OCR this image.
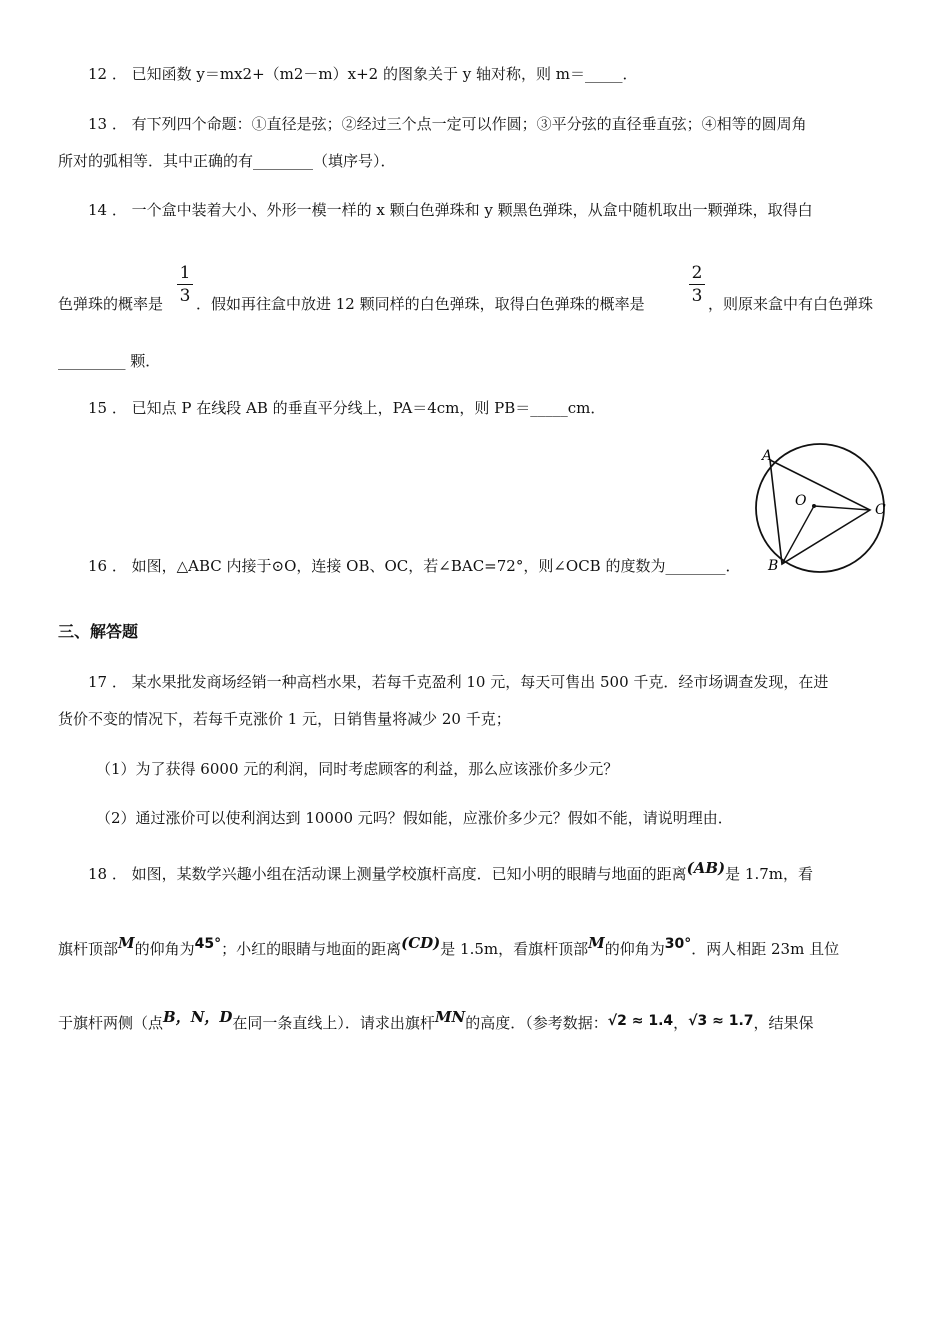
12 ． 已知函数 y＝mx2+（m2－m）x+2 的图象关于 y 轴对称，则 m＝_____．
13 ． 有下列四个命题：①直径是弦；②经过三个点一定可以作圆；③平分弦的直径垂直弦；④相等的圆周角
所对的弧相等．其中正确的有________（填序号）．
14 ． 一个盒中装着大小、外形一模一样的 x 颗白色弹珠和 y 颗黑色弹珠，从盒中随机取出一颗弹珠，取得白
色弹珠的概率是
1
3 ．假如再往盒中放进 12 颗同样的白色弹珠，取得白色弹珠的概率是
2
3 ，则原来盒中有白色弹珠
_________ 颗．
15 ． 已知点 P 在线段 AB 的垂直平分线上，PA＝4cm，则 PB＝_____cm．
A
C
B
O
16 ． 如图，△ABC 内接于⊙O，连接 OB、OC，若∠BAC=72°，则∠OCB 的度数为________．
三、解答题
17 ． 某水果批发商场经销一种高档水果，若每千克盈利 10 元，每天可售出 500 千克．经市场调查发现，在进
货价不变的情况下，若每千克涨价 1 元，日销售量将减少 20 千克；
（1）为了获得 6000 元的利润，同时考虑顾客的利益，那么应该涨价多少元？
（2）通过涨价可以使利润达到 10000 元吗？假如能，应涨价多少元？假如不能，请说明理由．
18 ． 如图，某数学兴趣小组在活动课上测量学校旗杆高度．已知小明的眼睛与地面的距离(AB)是 1.7m，看
旗杆顶部M的仰角为45°；小红的眼睛与地面的距离(CD)是 1.5m，看旗杆顶部M的仰角为30°．两人相距 23m 且位
于旗杆两侧（点B，N，D在同一条直线上）．请求出旗杆MN的高度．（参考数据：√2 ≈ 1.4，√3 ≈ 1.7，结果保
